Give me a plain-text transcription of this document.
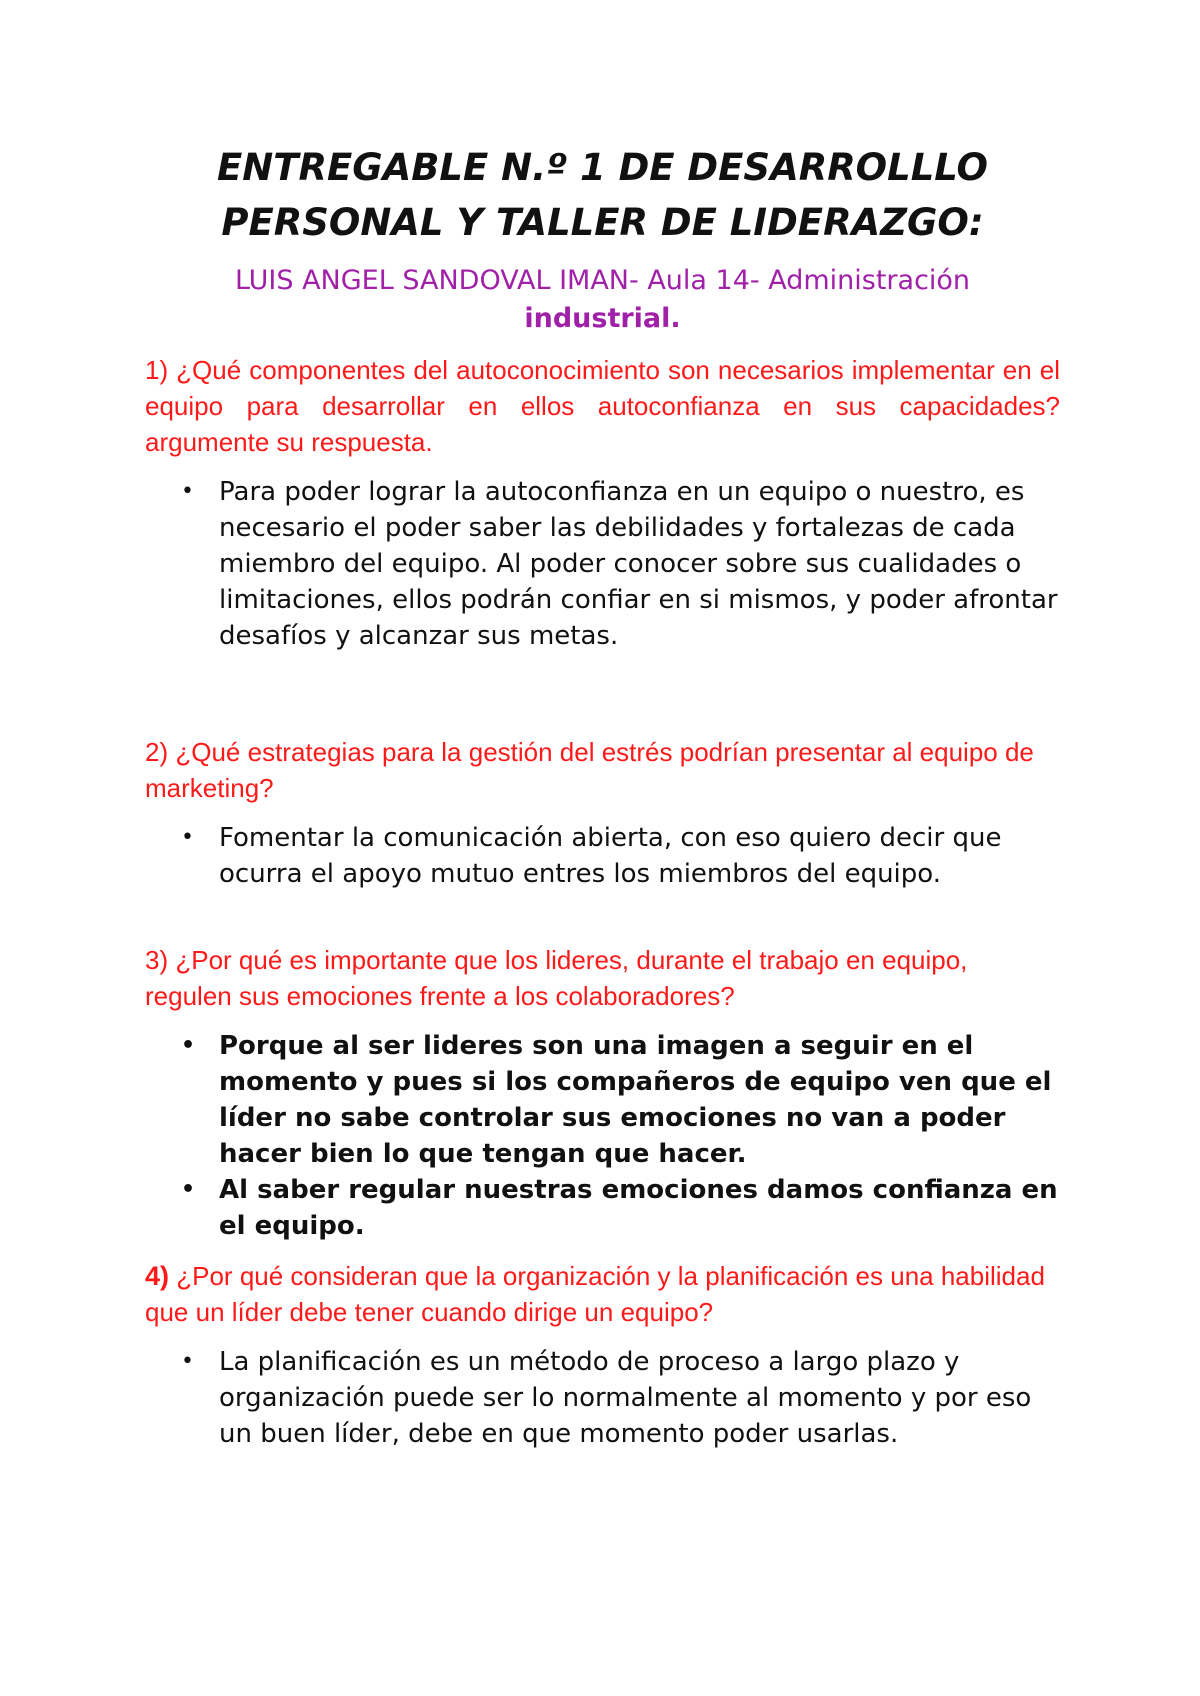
ENTREGABLE N.º 1 DE DESARROLLLO
PERSONAL Y TALLER DE LIDERAZGO:

LUIS ANGEL SANDOVAL IMAN- Aula 14- Administración
industrial.

1) ¿Qué componentes del autoconocimiento son necesarios implementar en el equipo para desarrollar en ellos autoconfianza en sus capacidades? argumente su respuesta.

• Para poder lograr la autoconfianza en un equipo o nuestro, es necesario el poder saber las debilidades y fortalezas de cada miembro del equipo. Al poder conocer sobre sus cualidades o limitaciones, ellos podrán confiar en si mismos, y poder afrontar desafíos y alcanzar sus metas.

2) ¿Qué estrategias para la gestión del estrés podrían presentar al equipo de marketing?

• Fomentar la comunicación abierta, con eso quiero decir que ocurra el apoyo mutuo entres los miembros del equipo.

3) ¿Por qué es importante que los lideres, durante el trabajo en equipo, regulen sus emociones frente a los colaboradores?

• Porque al ser lideres son una imagen a seguir en el momento y pues si los compañeros de equipo ven que el líder no sabe controlar sus emociones no van a poder hacer bien lo que tengan que hacer.
• Al saber regular nuestras emociones damos confianza en el equipo.

4) ¿Por qué consideran que la organización y la planificación es una habilidad que un líder debe tener cuando dirige un equipo?

• La planificación es un método de proceso a largo plazo y organización puede ser lo normalmente al momento y por eso un buen líder, debe en que momento poder usarlas.
